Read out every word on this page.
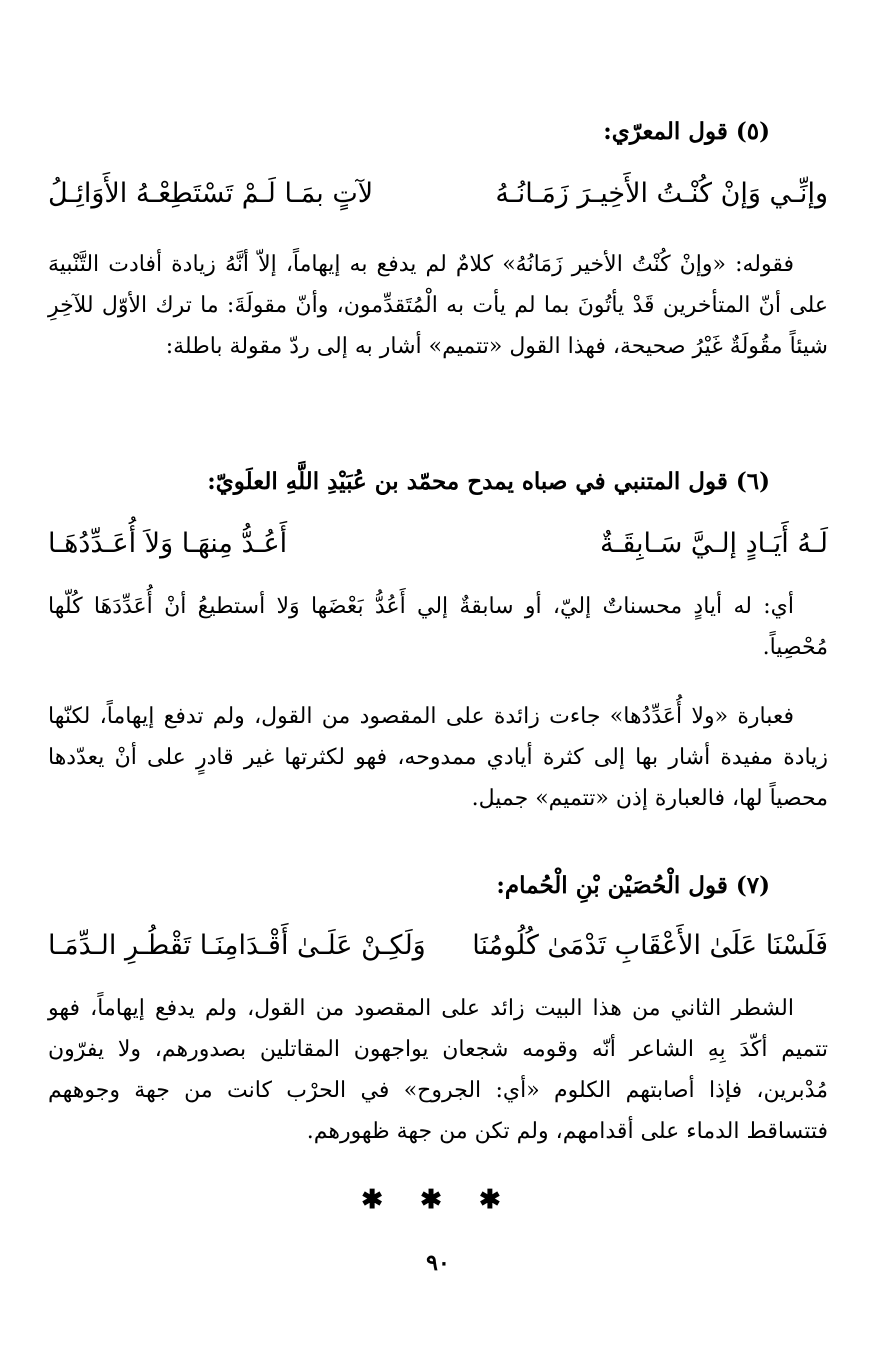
(٥) قول المعرّي:

وإنِّـي وَإنْ كُنْـتُ الأَخِيـرَ زَمَـانُـهُ
لآتٍ بمَـا لَـمْ تَسْتَطِعْـهُ الأَوَائِـلُ

فقوله: «وإنْ كُنْتُ الأخير زَمَانُهُ» كلامٌ لم يدفع به إيهاماً، إلاّ أنَّهُ زيادة أفادت التَّنْبيهَ على أنّ المتأخرين قَدْ يأتُونَ بما لم يأت به الْمُتَقدِّمون، وأنّ مقولَةَ: ما ترك الأوّل للآخِرِ شيئاً مقُولَةٌ غَيْرُ صحيحة، فهذا القول «تتميم» أشار به إلى ردّ مقولة باطلة:

(٦) قول المتنبي في صباه يمدح محمّد بن عُبَيْدِ اللَّهِ العلَويّ:

لَـهُ أَيَـادٍ إلـيَّ سَـابِقَـةٌ
أَعُـدُّ مِنهَـا وَلاَ أُعَـدِّدُهَـا

أي: له أيادٍ محسناتٌ إليّ، أو سابقةٌ إلي أَعُدُّ بَعْضَها وَلا أستطيعُ أنْ أُعَدِّدَهَا كُلّها مُحْصِياً.

فعبارة «ولا أُعَدِّدُها» جاءت زائدة على المقصود من القول، ولم تدفع إيهاماً، لكنّها زيادة مفيدة أشار بها إلى كثرة أيادي ممدوحه، فهو لكثرتها غير قادرٍ على أنْ يعدّدها محصياً لها، فالعبارة إذن «تتميم» جميل.

(٧) قول الْحُصَيْن بْنِ الْحُمام:

فَلَسْنَا عَلَىٰ الأَعْقَابِ تَدْمَىٰ كُلُومُنَا
وَلَكِـنْ عَلَـىٰ أَقْـدَامِنَـا تَقْطُـرِ الـدِّمَـا

الشطر الثاني من هذا البيت زائد على المقصود من القول، ولم يدفع إيهاماً، فهو تتميم أكّدَ بِهِ الشاعر أنّه وقومه شجعان يواجهون المقاتلين بصدورهم، ولا يفرّون مُدْبرين، فإذا أصابتهم الكلوم «أي: الجروح» في الحرْب كانت من جهة وجوههم فتتساقط الدماء على أقدامهم، ولم تكن من جهة ظهورهم.

✱ ✱ ✱
٩٠
